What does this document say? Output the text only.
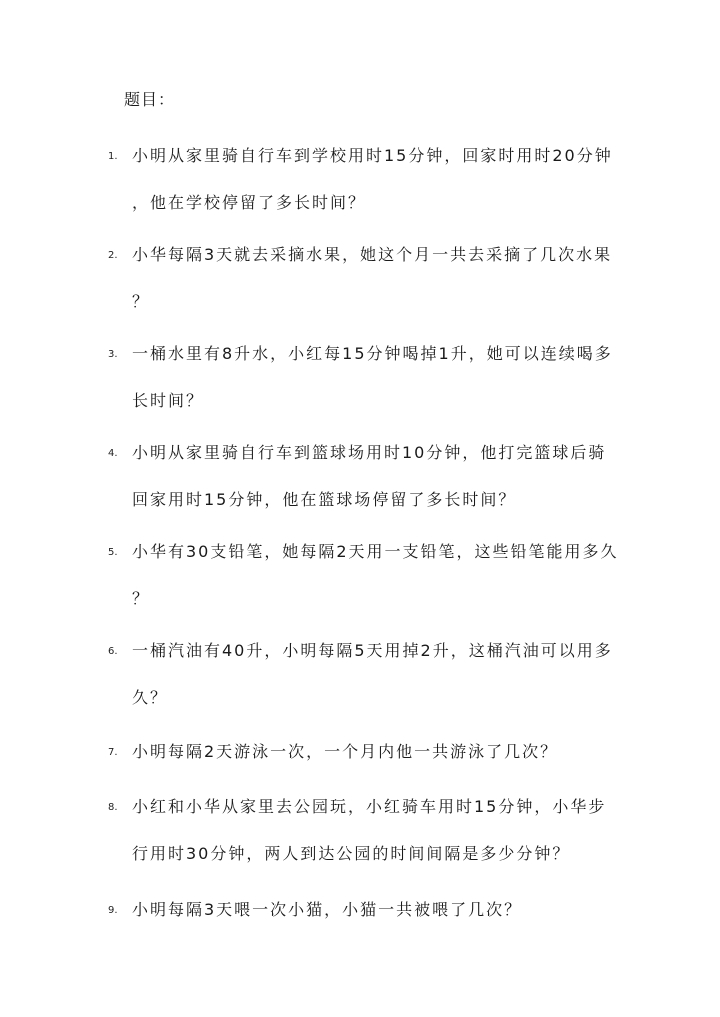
题目：
1. 小明从家里骑自行车到学校用时15分钟，回家时用时20分钟
，他在学校停留了多长时间？
2. 小华每隔3天就去采摘水果，她这个月一共去采摘了几次水果
？
3. 一桶水里有8升水，小红每15分钟喝掉1升，她可以连续喝多
长时间？
4. 小明从家里骑自行车到篮球场用时10分钟，他打完篮球后骑
回家用时15分钟，他在篮球场停留了多长时间？
5. 小华有30支铅笔，她每隔2天用一支铅笔，这些铅笔能用多久
？
6. 一桶汽油有40升，小明每隔5天用掉2升，这桶汽油可以用多
久？
7. 小明每隔2天游泳一次，一个月内他一共游泳了几次？
8. 小红和小华从家里去公园玩，小红骑车用时15分钟，小华步
行用时30分钟，两人到达公园的时间间隔是多少分钟？
9. 小明每隔3天喂一次小猫，小猫一共被喂了几次？
